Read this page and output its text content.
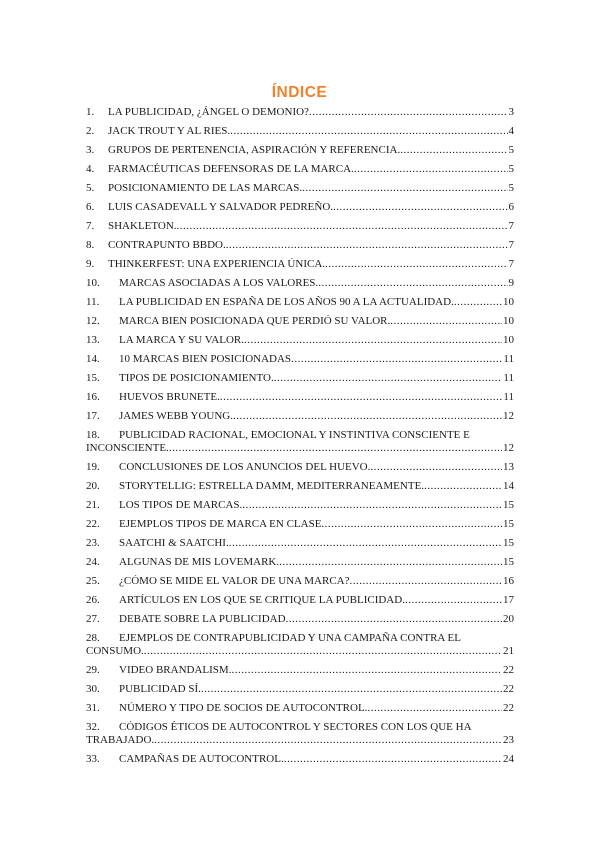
ÍNDICE
1.	LA PUBLICIDAD, ¿ÁNGEL O DEMONIO? .....	3
2.	JACK TROUT Y AL RIES. .....	4
3.	GRUPOS DE PERTENENCIA, ASPIRACIÓN Y REFERENCIA. .....	5
4.	FARMACÉUTICAS DEFENSORAS DE LA MARCA. .....	5
5.	POSICIONAMIENTO DE LAS MARCAS. .....	5
6.	LUIS CASADEVALL Y SALVADOR PEDREÑO. .....	6
7.	SHAKLETON. .....	7
8.	CONTRAPUNTO BBDO. .....	7
9.	THINKERFEST: UNA EXPERIENCIA ÚNICA. .....	7
10.	MARCAS ASOCIADAS A LOS VALORES. .....	9
11.	LA PUBLICIDAD EN ESPAÑA DE LOS AÑOS 90 A LA ACTUALIDAD. .....	10
12.	MARCA BIEN POSICIONADA QUE PERDIÓ SU VALOR. .....	10
13.	LA MARCA Y SU VALOR. .....	10
14.	10 MARCAS BIEN POSICIONADAS .....	11
15.	TIPOS DE POSICIONAMIENTO. .....	11
16.	HUEVOS BRUNETE. .....	11
17.	JAMES WEBB YOUNG. .....	12
18. PUBLICIDAD RACIONAL, EMOCIONAL Y INSTINTIVA CONSCIENTE E
INCONSCIENTE. .....	12
19.	CONCLUSIONES DE LOS ANUNCIOS DEL HUEVO. .....	13
20.	STORYTELLIG: ESTRELLA DAMM, MEDITERRANEAMENTE. .....	14
21.	LOS TIPOS DE MARCAS. .....	15
22.	EJEMPLOS TIPOS DE MARCA EN CLASE .....	15
23.	SAATCHI & SAATCHI. .....	15
24.	ALGUNAS DE MIS LOVEMARK. .....	15
25.	¿CÓMO SE MIDE EL VALOR DE UNA MARCA? .....	16
26.	ARTÍCULOS EN LOS QUE SE CRITIQUE LA PUBLICIDAD. .....	17
27.	DEBATE SOBRE LA PUBLICIDAD .....	20
28. EJEMPLOS DE CONTRAPUBLICIDAD Y UNA CAMPAÑA CONTRA EL
CONSUMO. .....	21
29.	VIDEO BRANDALISM. .....	22
30.	PUBLICIDAD SÍ. .....	22
31.	NÚMERO Y TIPO DE SOCIOS DE AUTOCONTROL. .....	22
32. CÓDIGOS ÉTICOS DE AUTOCONTROL Y SECTORES CON LOS QUE HA
TRABAJADO. .....	23
33.	CAMPAÑAS DE AUTOCONTROL. .....	24
